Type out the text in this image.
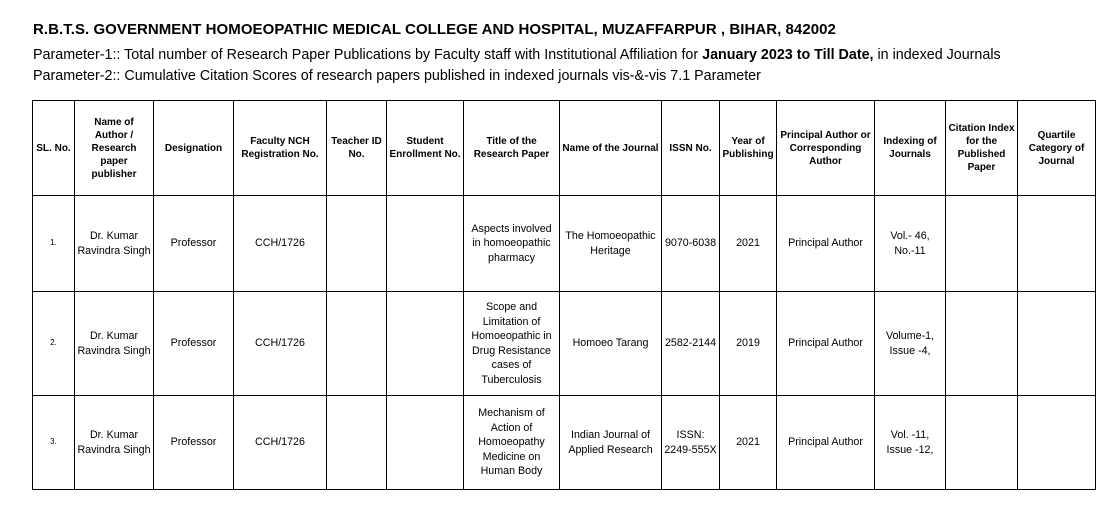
R.B.T.S. GOVERNMENT HOMOEOPATHIC MEDICAL COLLEGE AND HOSPITAL, MUZAFFARPUR , BIHAR, 842002
Parameter-1:: Total number of Research Paper Publications by Faculty staff with Institutional Affiliation for January 2023 to Till Date, in indexed Journals
Parameter-2:: Cumulative Citation Scores of research papers published in indexed journals vis-&-vis 7.1 Parameter
SL. No.	Name of Author / Research paper publisher	Designation	Faculty NCH Registration No.	Teacher ID No.	Student Enrollment No.	Title of the Research Paper	Name of the Journal	ISSN No.	Year of Publishing	Principal Author or Corresponding Author	Indexing of Journals	Citation Index for the Published Paper	Quartile Category of Journal
1.	Dr. Kumar Ravindra Singh	Professor	CCH/1726			Aspects involved in homoeopathic pharmacy	The Homoeopathic Heritage	9070-6038	2021	Principal Author	Vol.- 46, No.-11		
2.	Dr. Kumar Ravindra Singh	Professor	CCH/1726			Scope and Limitation of Homoeopathic in Drug Resistance cases of Tuberculosis	Homoeo Tarang	2582-2144	2019	Principal Author	Volume-1, Issue -4,		
3.	Dr. Kumar Ravindra Singh	Professor	CCH/1726			Mechanism of Action of Homoeopathy Medicine on Human Body	Indian Journal of Applied Research	ISSN: 2249-555X	2021	Principal Author	Vol. -11, Issue -12,		
